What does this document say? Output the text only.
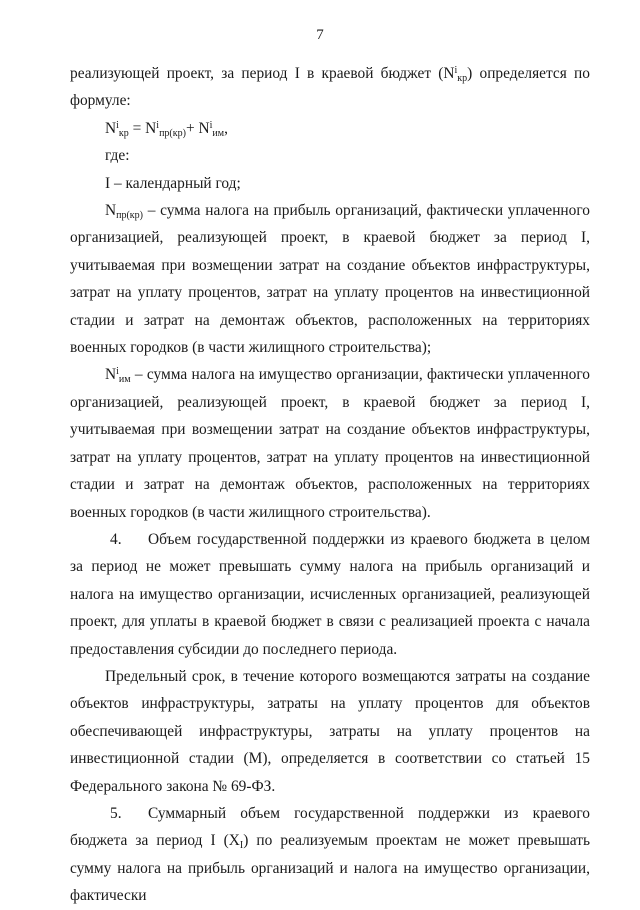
7

реализующей проект, за период I в краевой бюджет $(N^i_{кр})$ определяется по формуле:

$N^i_{кр} = N^i_{пр(кр)}+ N^i_{им}$,

где:

I – календарный год;

$N_{пр(кр)}$ – сумма налога на прибыль организаций, фактически уплаченного организацией, реализующей проект, в краевой бюджет за период I, учитываемая при возмещении затрат на создание объектов инфраструктуры, затрат на уплату процентов, затрат на уплату процентов на инвестиционной стадии и затрат на демонтаж объектов, расположенных на территориях военных городков (в части жилищного строительства);

$N^i_{им}$ – сумма налога на имущество организации, фактически уплаченного организацией, реализующей проект, в краевой бюджет за период I, учитываемая при возмещении затрат на создание объектов инфраструктуры, затрат на уплату процентов, затрат на уплату процентов на инвестиционной стадии и затрат на демонтаж объектов, расположенных на территориях военных городков (в части жилищного строительства).

4. Объем государственной поддержки из краевого бюджета в целом за период не может превышать сумму налога на прибыль организаций и налога на имущество организации, исчисленных организацией, реализующей проект, для уплаты в краевой бюджет в связи с реализацией проекта с начала предоставления субсидии до последнего периода.

Предельный срок, в течение которого возмещаются затраты на создание объектов инфраструктуры, затраты на уплату процентов для объектов обеспечивающей инфраструктуры, затраты на уплату процентов на инвестиционной стадии (M), определяется в соответствии со статьей 15 Федерального закона № 69-ФЗ.

5. Суммарный объем государственной поддержки из краевого бюджета за период I $(X_I)$ по реализуемым проектам не может превышать сумму налога на прибыль организаций и налога на имущество организации, фактически
